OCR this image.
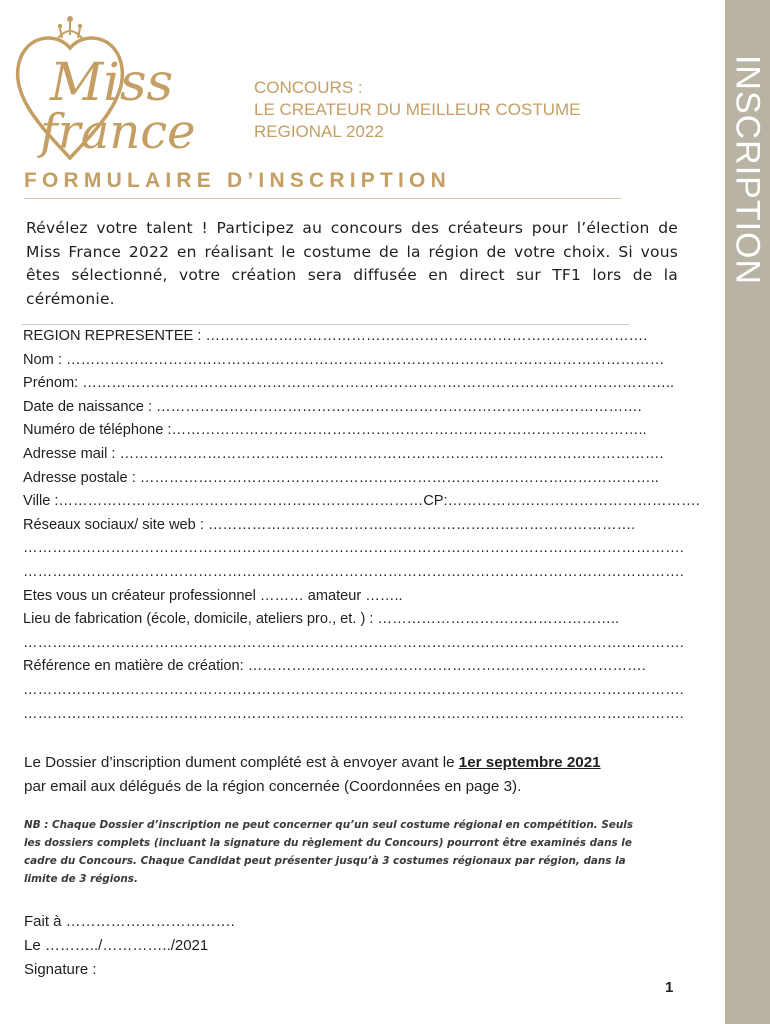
INSCRIPTION
Miss
france
CONCOURS :
LE CREATEUR DU MEILLEUR COSTUME
REGIONAL 2022
FORMULAIRE D’INSCRIPTION
Révélez votre talent ! Participez au concours des créateurs pour l’élection de Miss France 2022 en réalisant le costume de la région de votre choix. Si vous êtes sélectionné, votre création sera diffusée en direct sur TF1 lors de la cérémonie.
REGION REPRESENTEE : ……………………………………………………………………………….
Nom : ……………………………………………………………………………………………………………
Prénom: …………………………………………………………………………………………………………..
Date de naissance : ……………………………………………………………………………………….
Numéro de téléphone :……………………………………………………………………………………..
Adresse mail : ………………………………………………………………………………………………….
Adresse postale : ……………………………………………………………………………………………..
Ville :…………………………………………………………………CP:…………………………………………….
Réseaux sociaux/ site web : …………………………………………………………………………….
……………………………………………………………………………………………………………………….
……………………………………………………………………………………………………………………….
Etes vous un créateur professionnel ……… amateur ……..
Lieu de fabrication (école, domicile, ateliers pro., et. ) : …………………………………………..
……………………………………………………………………………………………………………………….
Référence en matière de création: ……………………………………………………………………….
……………………………………………………………………………………………………………………….
……………………………………………………………………………………………………………………….
Le Dossier d’inscription dument complété est à envoyer avant le 1er septembre 2021
par email aux délégués de la région concernée (Coordonnées en page 3).
NB : Chaque Dossier d’inscription ne peut concerner qu’un seul costume régional en compétition. Seuls
les dossiers complets (incluant la signature du règlement du Concours) pourront être examinés dans le
cadre du Concours. Chaque Candidat peut présenter jusqu’à 3 costumes régionaux par région, dans la
limite de 3 régions.
Fait à …………………………….
Le ………../…………../2021
Signature :
1
